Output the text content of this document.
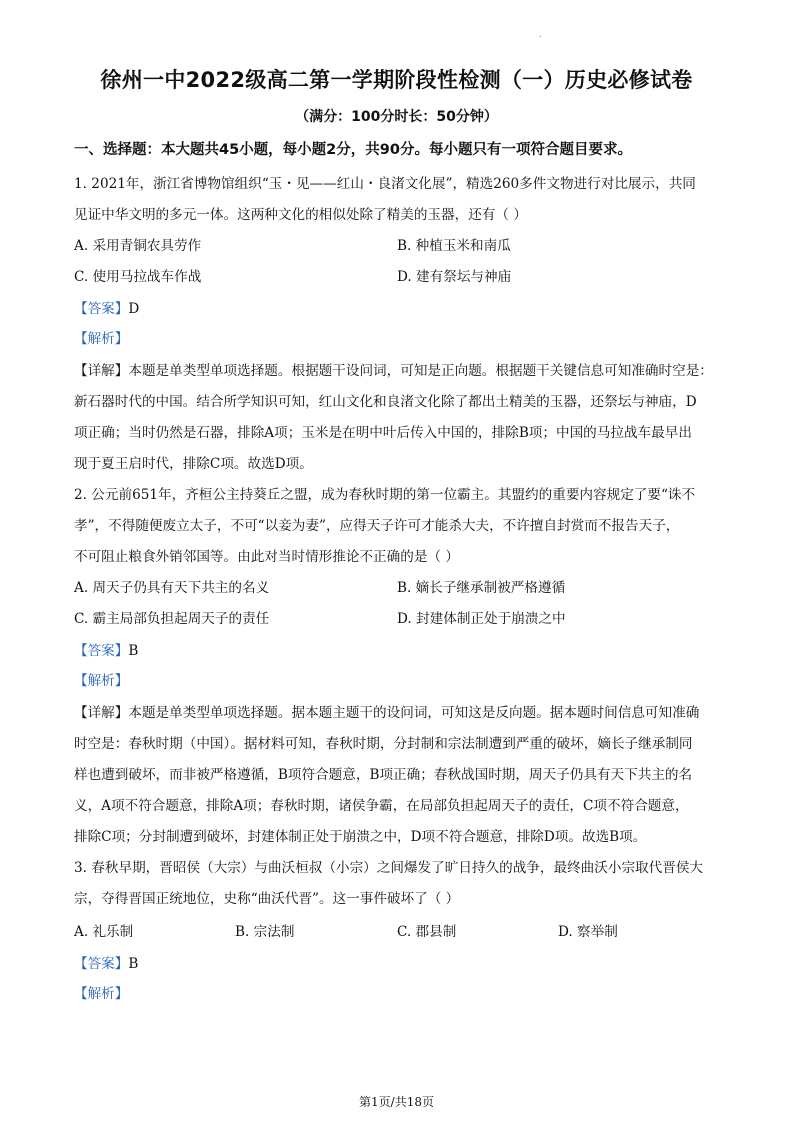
.
徐州一中2022级高二第一学期阶段性检测（一）历史必修试卷
（满分：100分时长：50分钟）
一、选择题：本大题共45小题，每小题2分，共90分。每小题只有一项符合题目要求。
1. 2021年，浙江省博物馆组织“玉・见——红山・良渚文化展”，精选260多件文物进行对比展示，共同
见证中华文明的多元一体。这两种文化的相似处除了精美的玉器，还有（ ）
A. 采用青铜农具劳作	B. 种植玉米和南瓜
C. 使用马拉战车作战	D. 建有祭坛与神庙
【答案】D
【解析】
【详解】本题是单类型单项选择题。根据题干设问词，可知是正向题。根据题干关键信息可知准确时空是：
新石器时代的中国。结合所学知识可知，红山文化和良渚文化除了都出土精美的玉器，还祭坛与神庙，D
项正确；当时仍然是石器，排除A项；玉米是在明中叶后传入中国的，排除B项；中国的马拉战车最早出
现于夏王启时代，排除C项。故选D项。
2. 公元前651年，齐桓公主持葵丘之盟，成为春秋时期的第一位霸主。其盟约的重要内容规定了要“诛不
孝”，不得随便废立太子，不可“以妾为妻”，应得天子许可才能杀大夫，不许擅自封赏而不报告天子，
不可阻止粮食外销邻国等。由此对当时情形推论不正确的是（ ）
A. 周天子仍具有天下共主的名义	B. 嫡长子继承制被严格遵循
C. 霸主局部负担起周天子的责任	D. 封建体制正处于崩溃之中
【答案】B
【解析】
【详解】本题是单类型单项选择题。据本题主题干的设问词，可知这是反向题。据本题时间信息可知准确
时空是：春秋时期（中国）。据材料可知，春秋时期，分封制和宗法制遭到严重的破坏，嫡长子继承制同
样也遭到破坏，而非被严格遵循，B项符合题意，B项正确；春秋战国时期，周天子仍具有天下共主的名
义，A项不符合题意，排除A项；春秋时期，诸侯争霸，在局部负担起周天子的责任，C项不符合题意，
排除C项；分封制遭到破坏，封建体制正处于崩溃之中，D项不符合题意，排除D项。故选B项。
3. 春秋早期，晋昭侯（大宗）与曲沃桓叔（小宗）之间爆发了旷日持久的战争，最终曲沃小宗取代晋侯大
宗，夺得晋国正统地位，史称“曲沃代晋”。这一事件破坏了（ ）
A. 礼乐制	B. 宗法制	C. 郡县制	D. 察举制
【答案】B
【解析】
第1页/共18页
